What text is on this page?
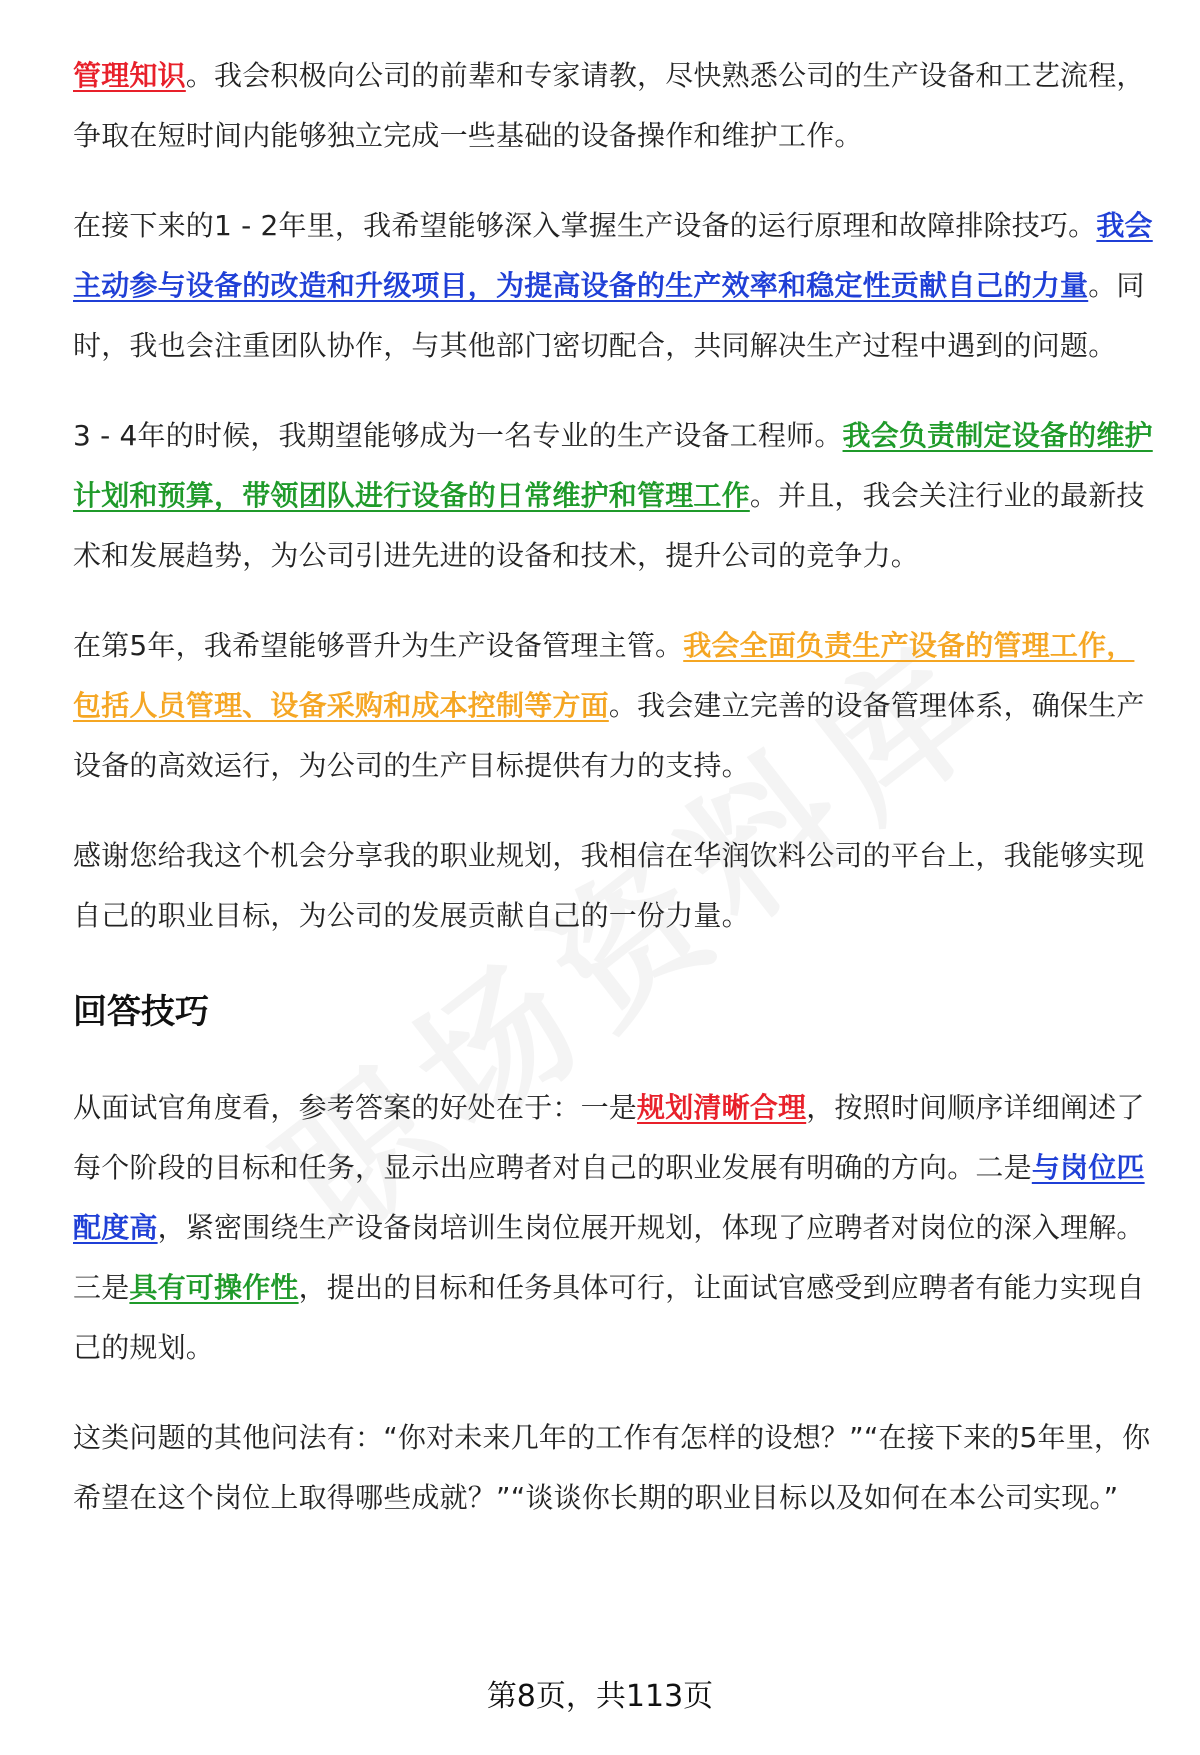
管理知识。我会积极向公司的前辈和专家请教，尽快熟悉公司的生产设备和工艺流程，争取在短时间内能够独立完成一些基础的设备操作和维护工作。

在接下来的1 - 2年里，我希望能够深入掌握生产设备的运行原理和故障排除技巧。我会主动参与设备的改造和升级项目，为提高设备的生产效率和稳定性贡献自己的力量。同时，我也会注重团队协作，与其他部门密切配合，共同解决生产过程中遇到的问题。

3 - 4年的时候，我期望能够成为一名专业的生产设备工程师。我会负责制定设备的维护计划和预算，带领团队进行设备的日常维护和管理工作。并且，我会关注行业的最新技术和发展趋势，为公司引进先进的设备和技术，提升公司的竞争力。

在第5年，我希望能够晋升为生产设备管理主管。我会全面负责生产设备的管理工作，包括人员管理、设备采购和成本控制等方面。我会建立完善的设备管理体系，确保生产设备的高效运行，为公司的生产目标提供有力的支持。

感谢您给我这个机会分享我的职业规划，我相信在华润饮料公司的平台上，我能够实现自己的职业目标，为公司的发展贡献自己的一份力量。

回答技巧

从面试官角度看，参考答案的好处在于：一是规划清晰合理，按照时间顺序详细阐述了每个阶段的目标和任务，显示出应聘者对自己的职业发展有明确的方向。二是与岗位匹配度高，紧密围绕生产设备岗培训生岗位展开规划，体现了应聘者对岗位的深入理解。三是具有可操作性，提出的目标和任务具体可行，让面试官感受到应聘者有能力实现自己的规划。

这类问题的其他问法有：“你对未来几年的工作有怎样的设想？”“在接下来的5年里，你希望在这个岗位上取得哪些成就？”“谈谈你长期的职业目标以及如何在本公司实现。”

第8页，共113页
